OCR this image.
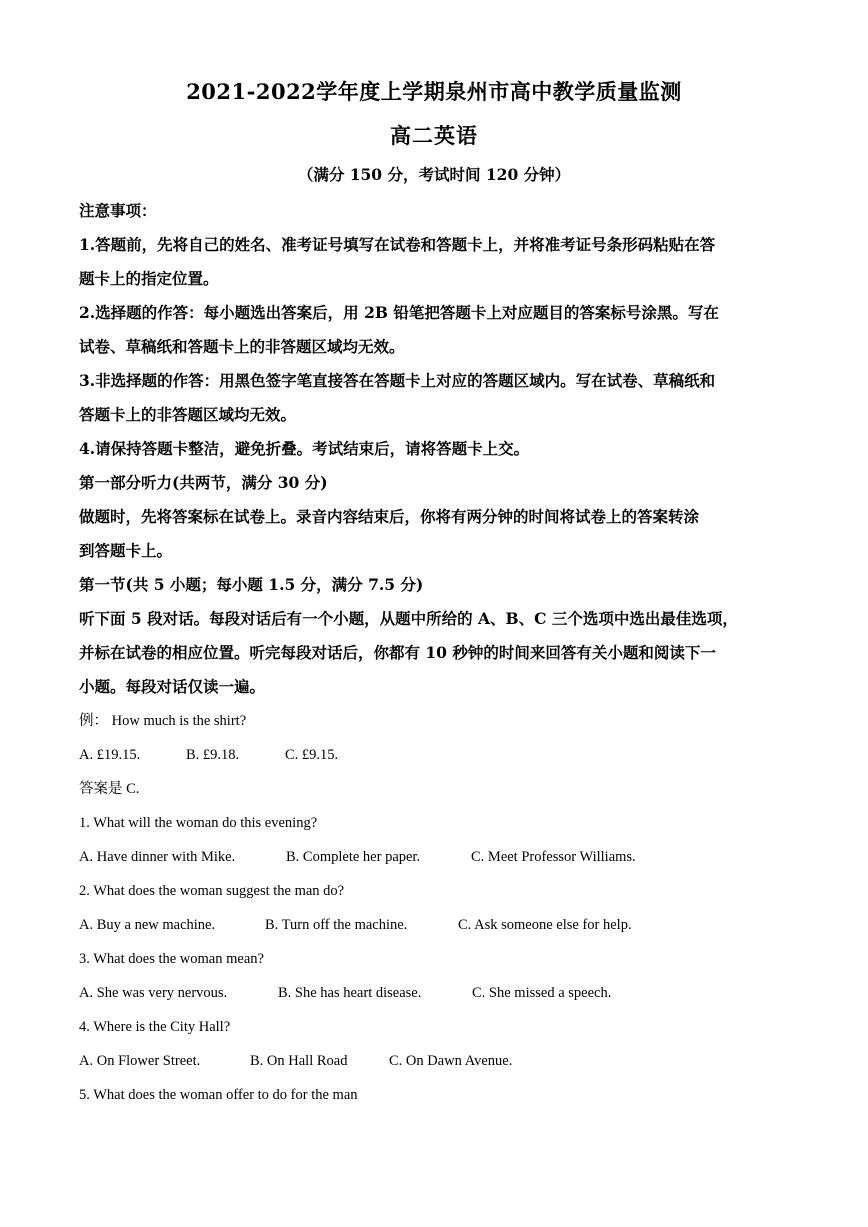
2021-2022学年度上学期泉州市高中教学质量监测
高二英语
（满分 150 分，考试时间 120 分钟）
注意事项：
1.答题前，先将自己的姓名、准考证号填写在试卷和答题卡上，并将准考证号条形码粘贴在答
题卡上的指定位置。
2.选择题的作答：每小题选出答案后，用 2B 铅笔把答题卡上对应题目的答案标号涂黑。写在
试卷、草稿纸和答题卡上的非答题区域均无效。
3.非选择题的作答：用黑色签字笔直接答在答题卡上对应的答题区域内。写在试卷、草稿纸和
答题卡上的非答题区域均无效。
4.请保持答题卡整洁，避免折叠。考试结束后，请将答题卡上交。
第一部分听力(共两节，满分 30 分)
做题时，先将答案标在试卷上。录音内容结束后，你将有两分钟的时间将试卷上的答案转涂
到答题卡上。
第一节(共 5 小题；每小题 1.5 分，满分 7.5 分)
听下面 5 段对话。每段对话后有一个小题，从题中所给的 A、B、C 三个选项中选出最佳选项，
并标在试卷的相应位置。听完每段对话后，你都有 10 秒钟的时间来回答有关小题和阅读下一
小题。每段对话仅读一遍。
例： How much is the shirt?
A. £19.15.	B. £9.18.	C. £9.15.
答案是 C.
1. What will the woman do this evening?
A. Have dinner with Mike.	B. Complete her paper.	C. Meet Professor Williams.
2. What does the woman suggest the man do?
A. Buy a new machine.	B. Turn off the machine.	C. Ask someone else for help.
3. What does the woman mean?
A. She was very nervous.	B. She has heart disease.	C. She missed a speech.
4. Where is the City Hall?
A. On Flower Street.	B. On Hall Road	C. On Dawn Avenue.
5. What does the woman offer to do for the man
